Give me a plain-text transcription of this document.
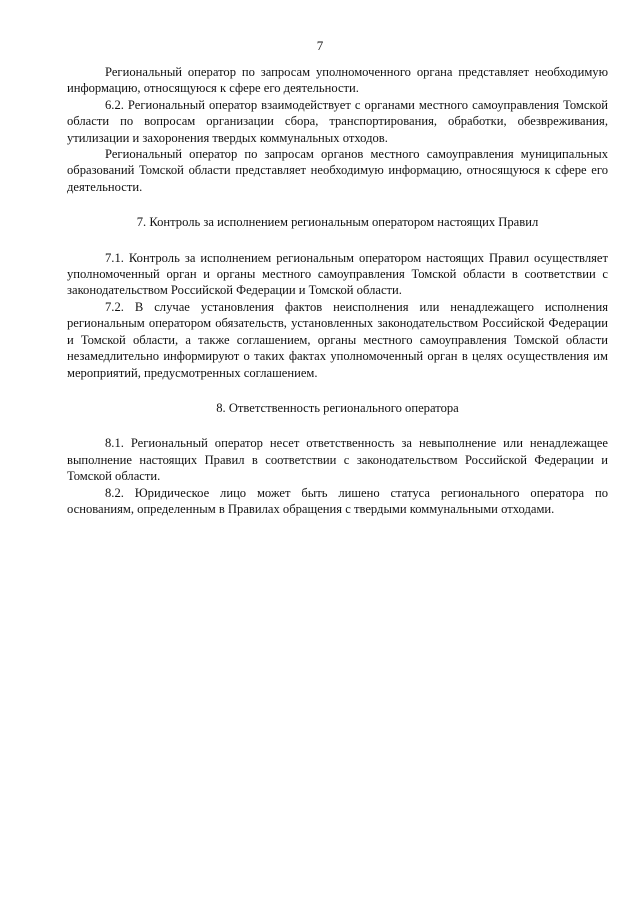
7

Региональный оператор по запросам уполномоченного органа представляет необходимую информацию, относящуюся к сфере его деятельности.

6.2. Региональный оператор взаимодействует с органами местного самоуправления Томской области по вопросам организации сбора, транспортирования, обработки, обезвреживания, утилизации и захоронения твердых коммунальных отходов.

Региональный оператор по запросам органов местного самоуправления муниципальных образований Томской области представляет необходимую информацию, относящуюся к сфере его деятельности.

7. Контроль за исполнением региональным оператором настоящих Правил

7.1. Контроль за исполнением региональным оператором настоящих Правил осуществляет уполномоченный орган и органы местного самоуправления Томской области в соответствии с законодательством Российской Федерации и Томской области.

7.2. В случае установления фактов неисполнения или ненадлежащего исполнения региональным оператором обязательств, установленных законодательством Российской Федерации и Томской области, а также соглашением, органы местного самоуправления Томской области незамедлительно информируют о таких фактах уполномоченный орган в целях осуществления им мероприятий, предусмотренных соглашением.

8. Ответственность регионального оператора

8.1. Региональный оператор несет ответственность за невыполнение или ненадлежащее выполнение настоящих Правил в соответствии с законодательством Российской Федерации и Томской области.

8.2. Юридическое лицо может быть лишено статуса регионального оператора по основаниям, определенным в Правилах обращения с твердыми коммунальными отходами.
